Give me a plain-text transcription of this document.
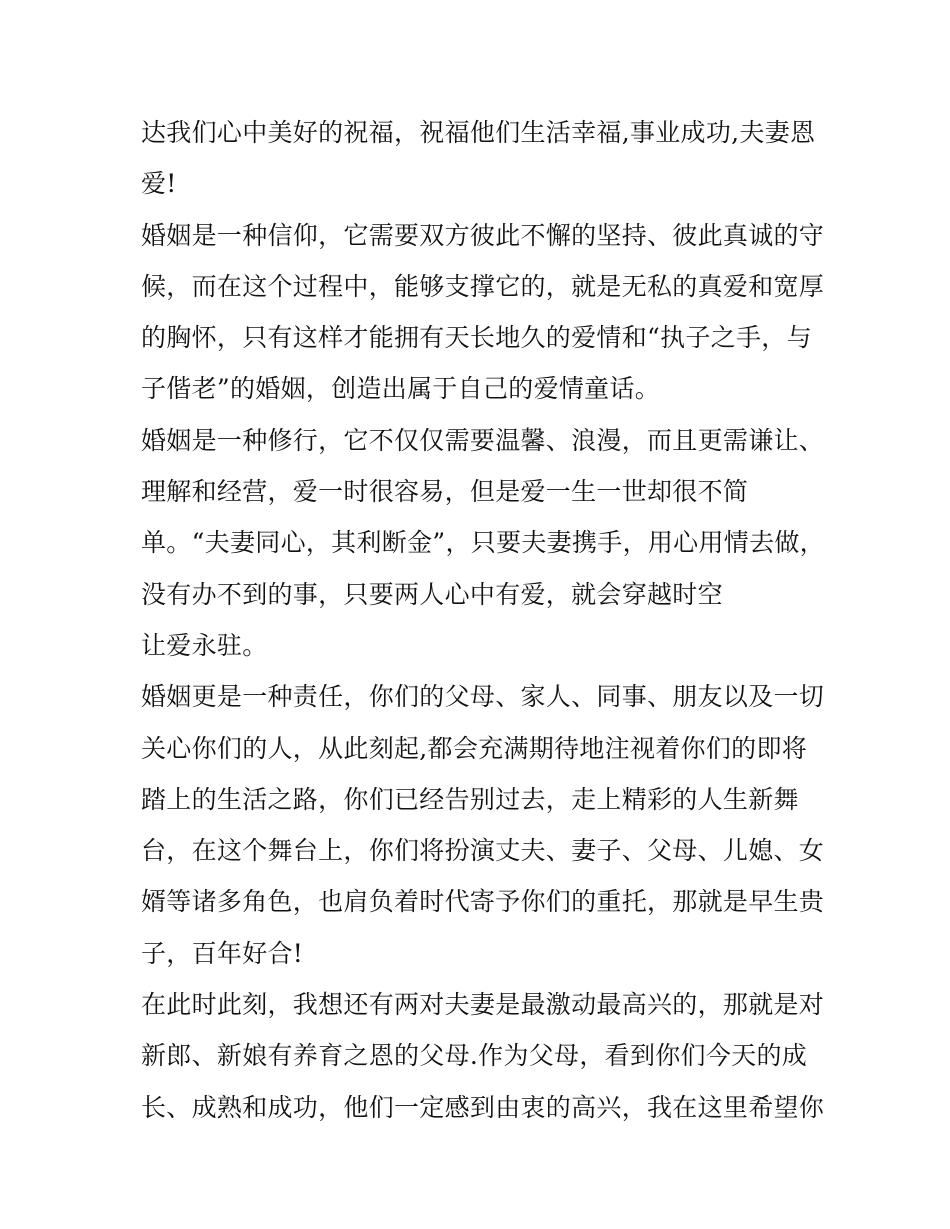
达我们心中美好的祝福，祝福他们生活幸福,事业成功,夫妻恩
爱!
婚姻是一种信仰，它需要双方彼此不懈的坚持、彼此真诚的守
候，而在这个过程中，能够支撑它的，就是无私的真爱和宽厚
的胸怀，只有这样才能拥有天长地久的爱情和“执子之手，与
子偕老”的婚姻，创造出属于自己的爱情童话。
婚姻是一种修行，它不仅仅需要温馨、浪漫，而且更需谦让、
理解和经营，爱一时很容易，但是爱一生一世却很不简
单。“夫妻同心，其利断金”，只要夫妻携手，用心用情去做，
没有办不到的事，只要两人心中有爱，就会穿越时空
让爱永驻。
婚姻更是一种责任，你们的父母、家人、同事、朋友以及一切
关心你们的人，从此刻起,都会充满期待地注视着你们的即将
踏上的生活之路，你们已经告别过去，走上精彩的人生新舞
台，在这个舞台上，你们将扮演丈夫、妻子、父母、儿媳、女
婿等诸多角色，也肩负着时代寄予你们的重托，那就是早生贵
子，百年好合!
在此时此刻，我想还有两对夫妻是最激动最高兴的，那就是对
新郎、新娘有养育之恩的父母.作为父母，看到你们今天的成
长、成熟和成功，他们一定感到由衷的高兴，我在这里希望你
